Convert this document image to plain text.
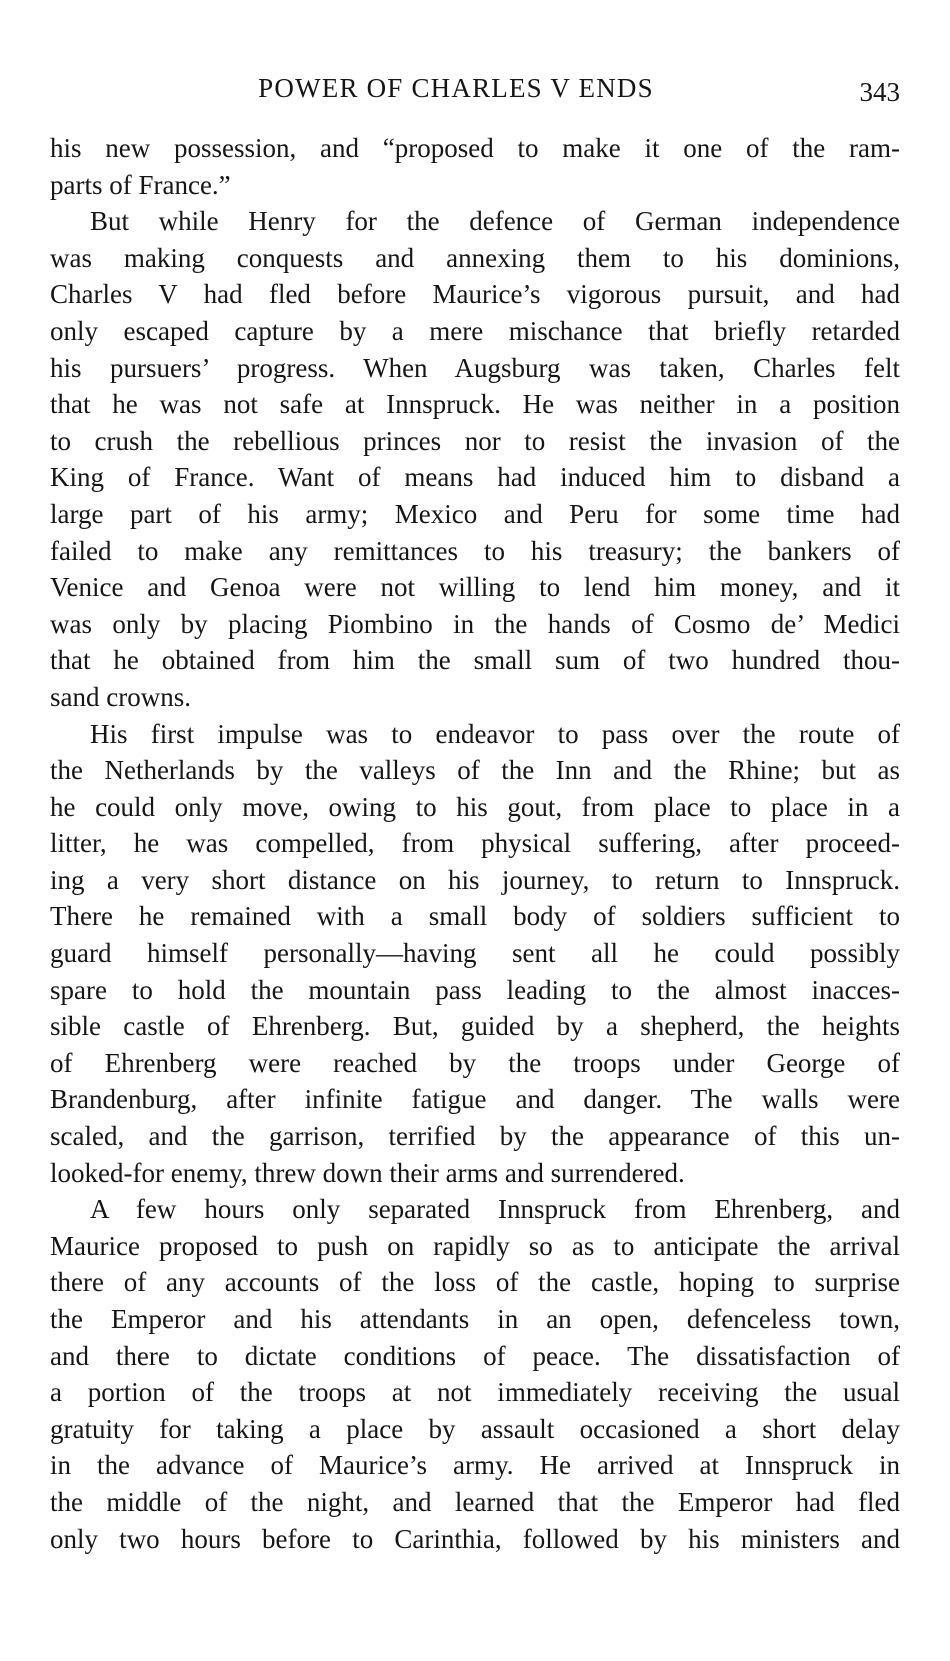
POWER OF CHARLES V ENDS	343
his new possession, and “proposed to make it one of the ram-
parts of France.”
But while Henry for the defence of German independence
was making conquests and annexing them to his dominions,
Charles V had fled before Maurice’s vigorous pursuit, and had
only escaped capture by a mere mischance that briefly retarded
his pursuers’ progress. When Augsburg was taken, Charles felt
that he was not safe at Innspruck. He was neither in a position
to crush the rebellious princes nor to resist the invasion of the
King of France. Want of means had induced him to disband a
large part of his army; Mexico and Peru for some time had
failed to make any remittances to his treasury; the bankers of
Venice and Genoa were not willing to lend him money, and it
was only by placing Piombino in the hands of Cosmo de’ Medici
that he obtained from him the small sum of two hundred thou-
sand crowns.
His first impulse was to endeavor to pass over the route of
the Netherlands by the valleys of the Inn and the Rhine; but as
he could only move, owing to his gout, from place to place in a
litter, he was compelled, from physical suffering, after proceed-
ing a very short distance on his journey, to return to Innspruck.
There he remained with a small body of soldiers sufficient to
guard himself personally—having sent all he could possibly
spare to hold the mountain pass leading to the almost inacces-
sible castle of Ehrenberg. But, guided by a shepherd, the heights
of Ehrenberg were reached by the troops under George of
Brandenburg, after infinite fatigue and danger. The walls were
scaled, and the garrison, terrified by the appearance of this un-
looked-for enemy, threw down their arms and surrendered.
A few hours only separated Innspruck from Ehrenberg, and
Maurice proposed to push on rapidly so as to anticipate the arrival
there of any accounts of the loss of the castle, hoping to surprise
the Emperor and his attendants in an open, defenceless town,
and there to dictate conditions of peace. The dissatisfaction of
a portion of the troops at not immediately receiving the usual
gratuity for taking a place by assault occasioned a short delay
in the advance of Maurice’s army. He arrived at Innspruck in
the middle of the night, and learned that the Emperor had fled
only two hours before to Carinthia, followed by his ministers and
